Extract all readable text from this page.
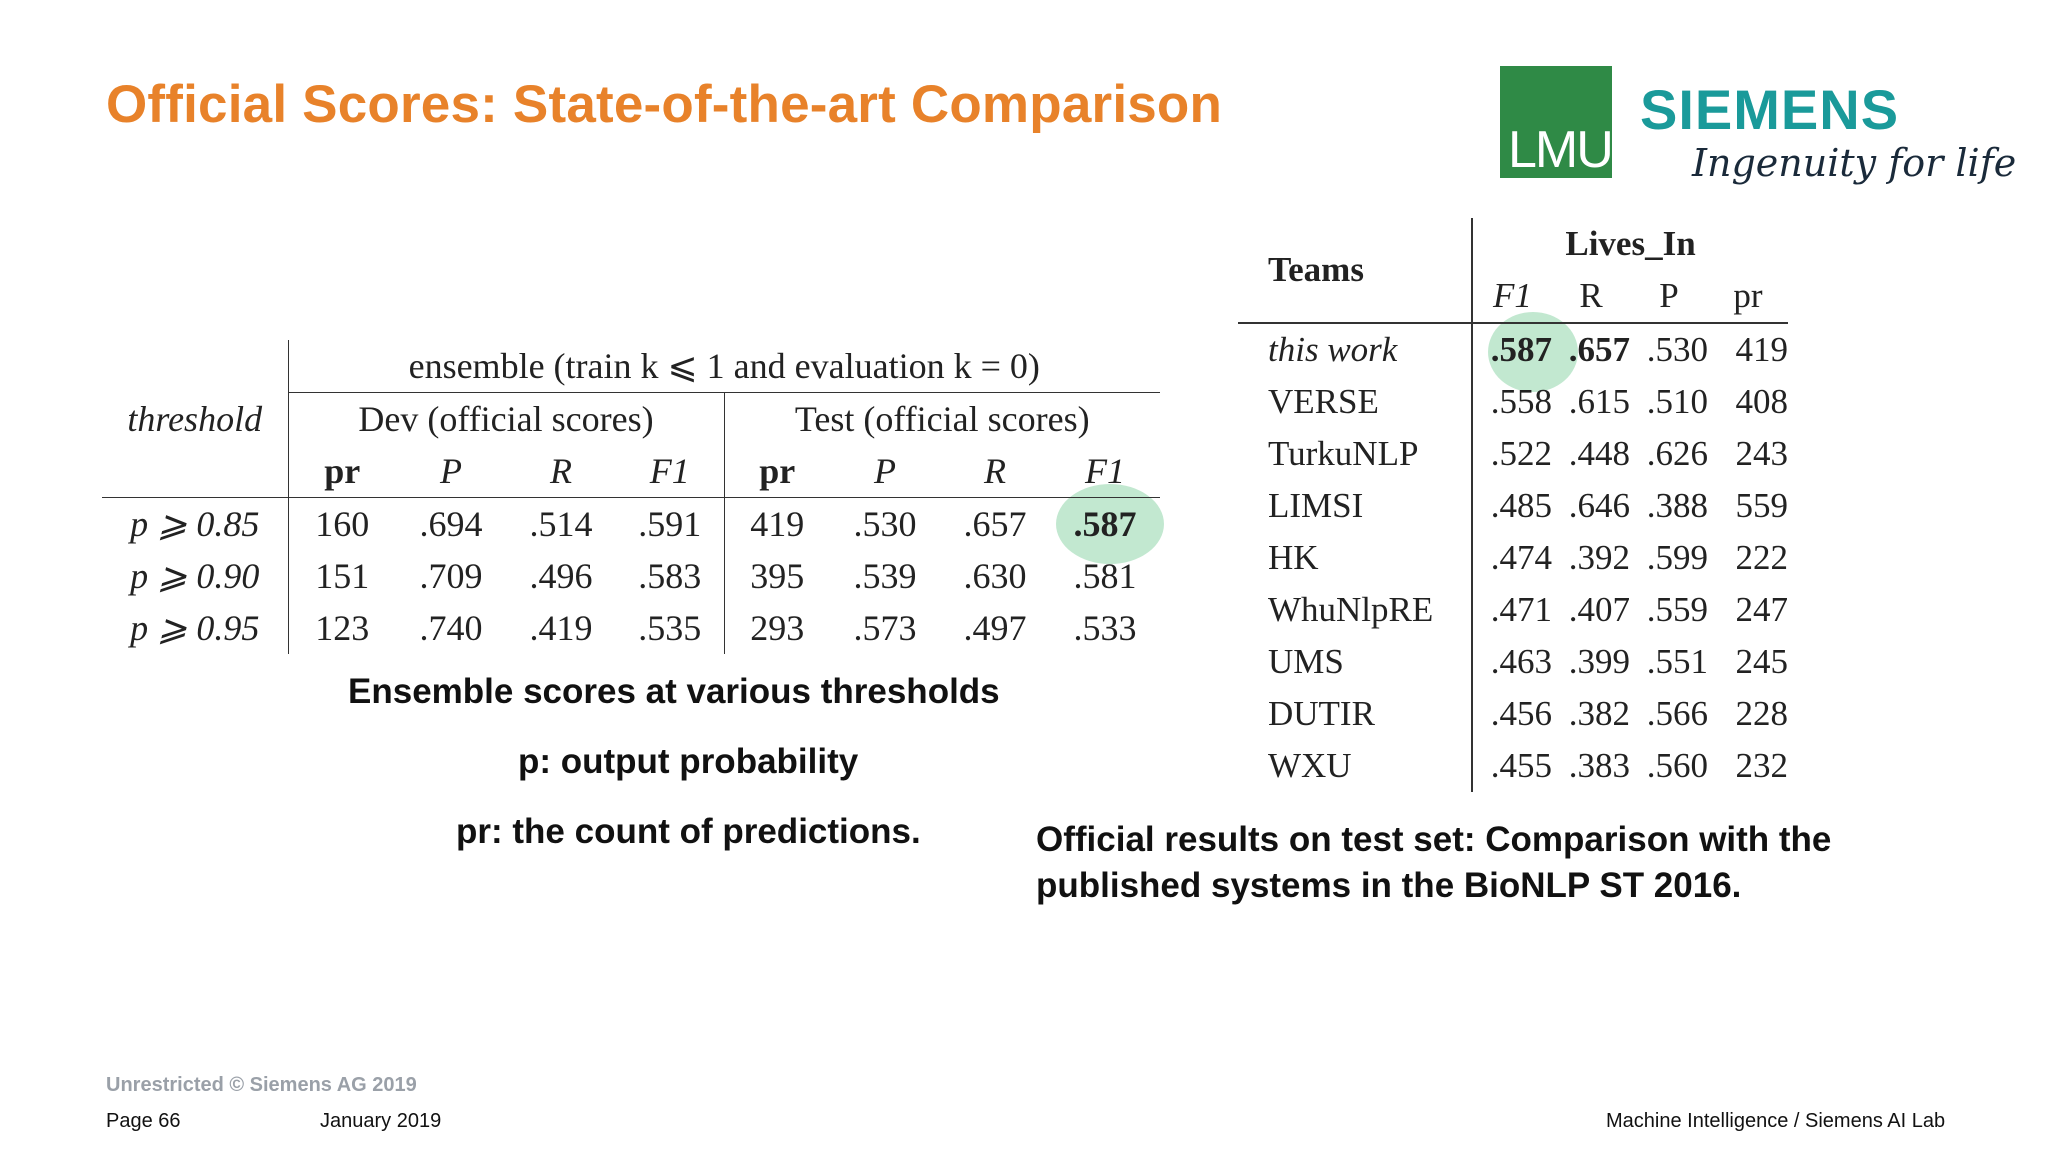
Official Scores: State-of-the-art Comparison
LMU
SIEMENS
Ingenuity for life
threshold	ensemble (train k ⩽ 1 and evaluation k = 0)							
	Dev (official scores)				Test (official scores)			
	pr	P	R	F1	pr	P	R	F1
p ⩾ 0.85	160	.694	.514	.591	419	.530	.657	.587
p ⩾ 0.90	151	.709	.496	.583	395	.539	.630	.581
p ⩾ 0.95	123	.740	.419	.535	293	.573	.497	.533
Ensemble scores at various thresholds
p: output probability
pr: the count of predictions.
Teams	Lives_In			
	F1	R	P	pr
this work	.587	.657	.530	419
VERSE	.558	.615	.510	408
TurkuNLP	.522	.448	.626	243
LIMSI	.485	.646	.388	559
HK	.474	.392	.599	222
WhuNlpRE	.471	.407	.559	247
UMS	.463	.399	.551	245
DUTIR	.456	.382	.566	228
WXU	.455	.383	.560	232
Official results on test set: Comparison with the
published systems in the BioNLP ST 2016.
Unrestricted © Siemens AG 2019
Page 66	January 2019	Machine Intelligence / Siemens AI Lab
